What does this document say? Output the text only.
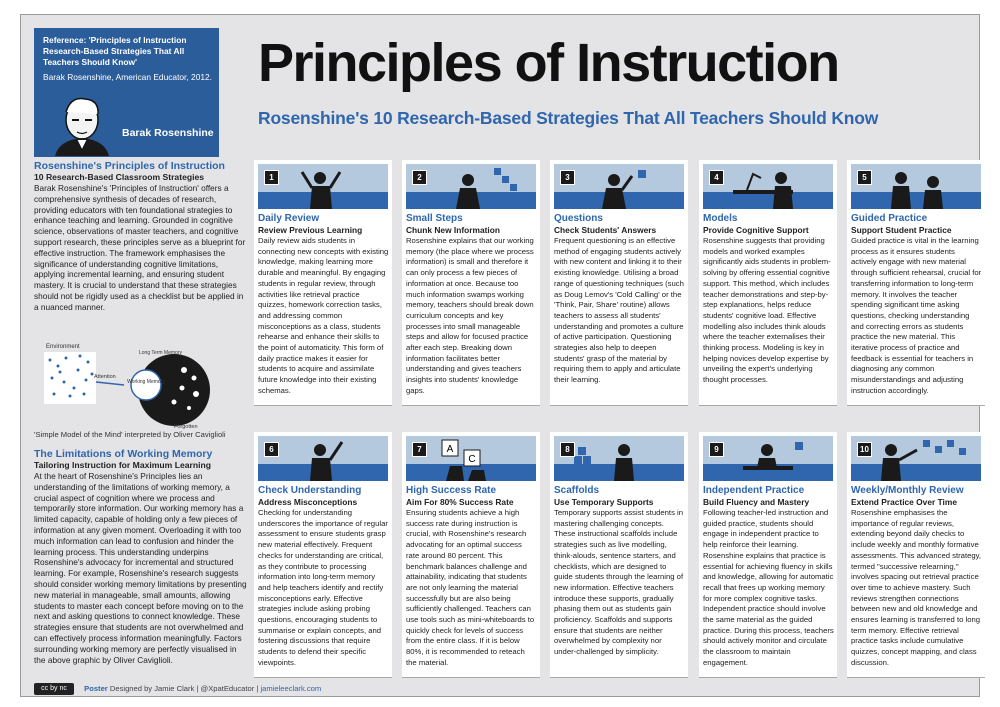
Reference: 'Principles of Instruction Research-Based Strategies That All Teachers Should Know'
Barak Rosenshine, American Educator, 2012.
Barak Rosenshine
Principles of Instruction
Rosenshine's 10 Research-Based Strategies That All Teachers Should Know
Rosenshine's Principles of Instruction
10 Research-Based Classroom Strategies

Barak Rosenshine's 'Principles of Instruction' offers a comprehensive synthesis of decades of research, providing educators with ten foundational strategies to enhance teaching and learning. Grounded in cognitive science, observations of master teachers, and cognitive support research, these principles serve as a blueprint for effective instruction. The framework emphasises the significance of understanding cognitive limitations, applying incremental learning, and ensuring student mastery. It is crucial to understand that these strategies should not be rigidly used as a checklist but be applied in a nuanced manner.

Environment
Attention
Working Memory
Long Term Memory
Forgotten
'Simple Model of the Mind' interpreted by Oliver Caviglioli
The Limitations of Working Memory
Tailoring Instruction for Maximum Learning

At the heart of Rosenshine's Principles lies an understanding of the limitations of working memory, a crucial aspect of cognition where we process and temporarily store information. Our working memory has a limited capacity, capable of holding only a few pieces of information at any given moment. Overloading it with too much information can lead to confusion and hinder the learning process. This understanding underpins Rosenshine's advocacy for incremental and structured learning. For example, Rosenshine's research suggests should consider working memory limitations by presenting new material in manageable, small amounts, allowing students to master each concept before moving on to the next and asking questions to connect knowledge. These strategies ensure that students are not overwhelmed and can effectively process information meaningfully. Factors surrounding working memory are perfectly visualised in the above graphic by Oliver Caviglioli.

1
Daily Review
Review Previous Learning

Daily review aids students in connecting new concepts with existing knowledge, making learning more durable and meaningful. By engaging students in regular review, through activities like retrieval practice quizzes, homework correction tasks, and addressing common misconceptions as a class, students rehearse and enhance their skills to the point of automaticity. This form of daily practice makes it easier for students to acquire and assimilate future knowledge into their existing schemas.

2
Small Steps
Chunk New Information

Rosenshine explains that our working memory (the place where we process information) is small and therefore it can only process a few pieces of information at once. Because too much information swamps working memory, teachers should break down curriculum concepts and key processes into small manageable steps and allow for focused practice after each step. Breaking down information facilitates better understanding and gives teachers insights into students' knowledge gaps.

3
Questions
Check Students' Answers

Frequent questioning is an effective method of engaging students actively with new content and linking it to their existing knowledge. Utilising a broad range of questioning techniques (such as Doug Lemov's 'Cold Calling' or the 'Think, Pair, Share' routine) allows teachers to assess all students' understanding and promotes a culture of active participation. Questioning strategies also help to deepen students' grasp of the material by requiring them to apply and articulate their learning.

4
Models
Provide Cognitive Support

Rosenshine suggests that providing models and worked examples significantly aids students in problem-solving by offering essential cognitive support. This method, which includes teacher demonstrations and step-by-step explanations, helps reduce students' cognitive load. Effective modelling also includes think alouds where the teacher externalises their thinking process. Modeling is key in helping novices develop expertise by unveiling the expert's underlying thought processes.

5
Guided Practice
Support Student Practice

Guided practice is vital in the learning process as it ensures students actively engage with new material through sufficient rehearsal, crucial for transferring information to long-term memory. It involves the teacher spending significant time asking questions, checking understanding and correcting errors as students practice the new material. This iterative process of practice and feedback is essential for teachers in diagnosing any common misunderstandings and adjusting instruction accordingly.

6
Check Understanding
Address Misconceptions

Checking for understanding underscores the importance of regular assessment to ensure students grasp new material effectively. Frequent checks for understanding are critical, as they contribute to processing information into long-term memory and help teachers identify and rectify misconceptions early. Effective strategies include asking probing questions, encouraging students to summarise or explain concepts, and fostering discussions that require students to defend their specific viewpoints.

A
C
7
High Success Rate
Aim For 80% Success Rate

Ensuring students achieve a high success rate during instruction is crucial, with Rosenshine's research advocating for an optimal success rate around 80 percent. This benchmark balances challenge and attainability, indicating that students are not only learning the material successfully but are also being sufficiently challenged. Teachers can use tools such as mini-whiteboards to quickly check for levels of success from the entire class. If it is below 80%, it is recommended to reteach the material.

8
Scaffolds
Use Temporary Supports

Temporary supports assist students in mastering challenging concepts. These instructional scaffolds include strategies such as live modelling, think-alouds, sentence starters, and checklists, which are designed to guide students through the learning of new information. Effective teachers introduce these supports, gradually phasing them out as students gain proficiency. Scaffolds and supports ensure that students are neither overwhelmed by complexity nor under-challenged by simplicity.

9
Independent Practice
Build Fluency and Mastery

Following teacher-led instruction and guided practice, students should engage in independent practice to help reinforce their learning. Rosenshine explains that practice is essential for achieving fluency in skills and knowledge, allowing for automatic recall that frees up working memory for more complex cognitive tasks. Independent practice should involve the same material as the guided practice. During this process, teachers should actively monitor and circulate the classroom to maintain engagement.

10
Weekly/Monthly Review
Extend Practice Over Time

Rosenshine emphasises the importance of regular reviews, extending beyond daily checks to include weekly and monthly formative assessments. This advanced strategy, termed "successive relearning," involves spacing out retrieval practice over time to achieve mastery. Such reviews strengthen connections between new and old knowledge and ensures learning is transferred to long term memory. Effective retrieval practice tasks include cumulative quizzes, concept mapping, and class discussion.

cc by nc Poster Designed by Jamie Clark | @XpatEducator | jamieleeclark.com
